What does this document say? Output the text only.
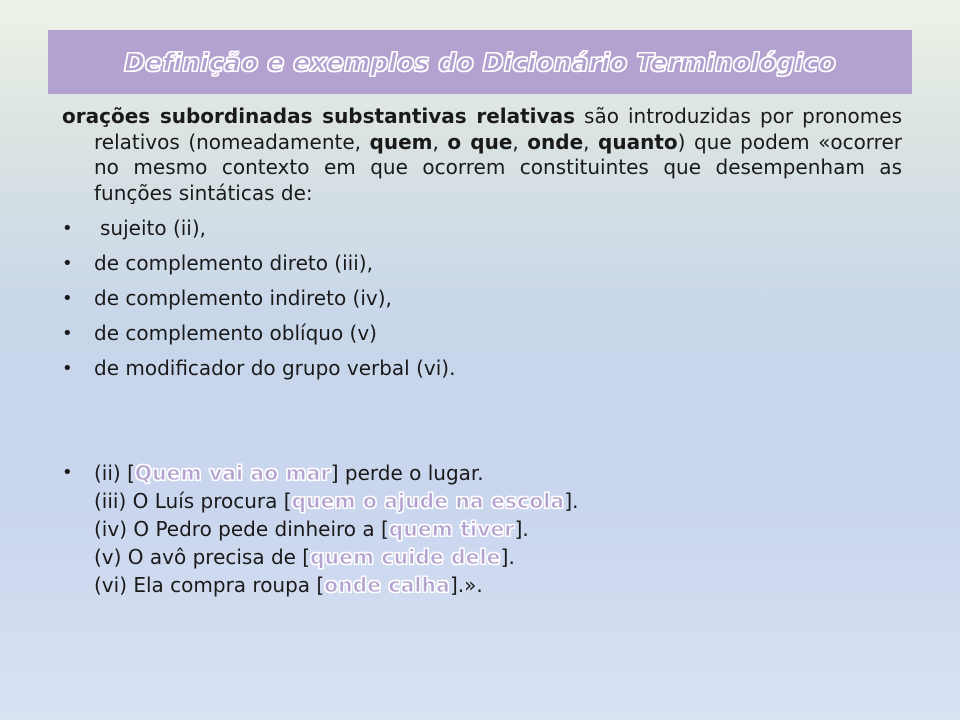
Definição e exemplos do Dicionário Terminológico

orações subordinadas substantivas relativas são introduzidas por pronomes relativos (nomeadamente, quem, o que, onde, quanto) que podem «ocorrer no mesmo contexto em que ocorrem constituintes que desempenham as funções sintáticas de:

• sujeito (ii),
• de complemento direto (iii),
• de complemento indireto (iv),
• de complemento oblíquo (v)
• de modificador do grupo verbal (vi).
• (ii) [Quem vai ao mar] perde o lugar.
(iii) O Luís procura [quem o ajude na escola].
(iv) O Pedro pede dinheiro a [quem tiver].
(v) O avô precisa de [quem cuide dele].
(vi) Ela compra roupa [onde calha].».
